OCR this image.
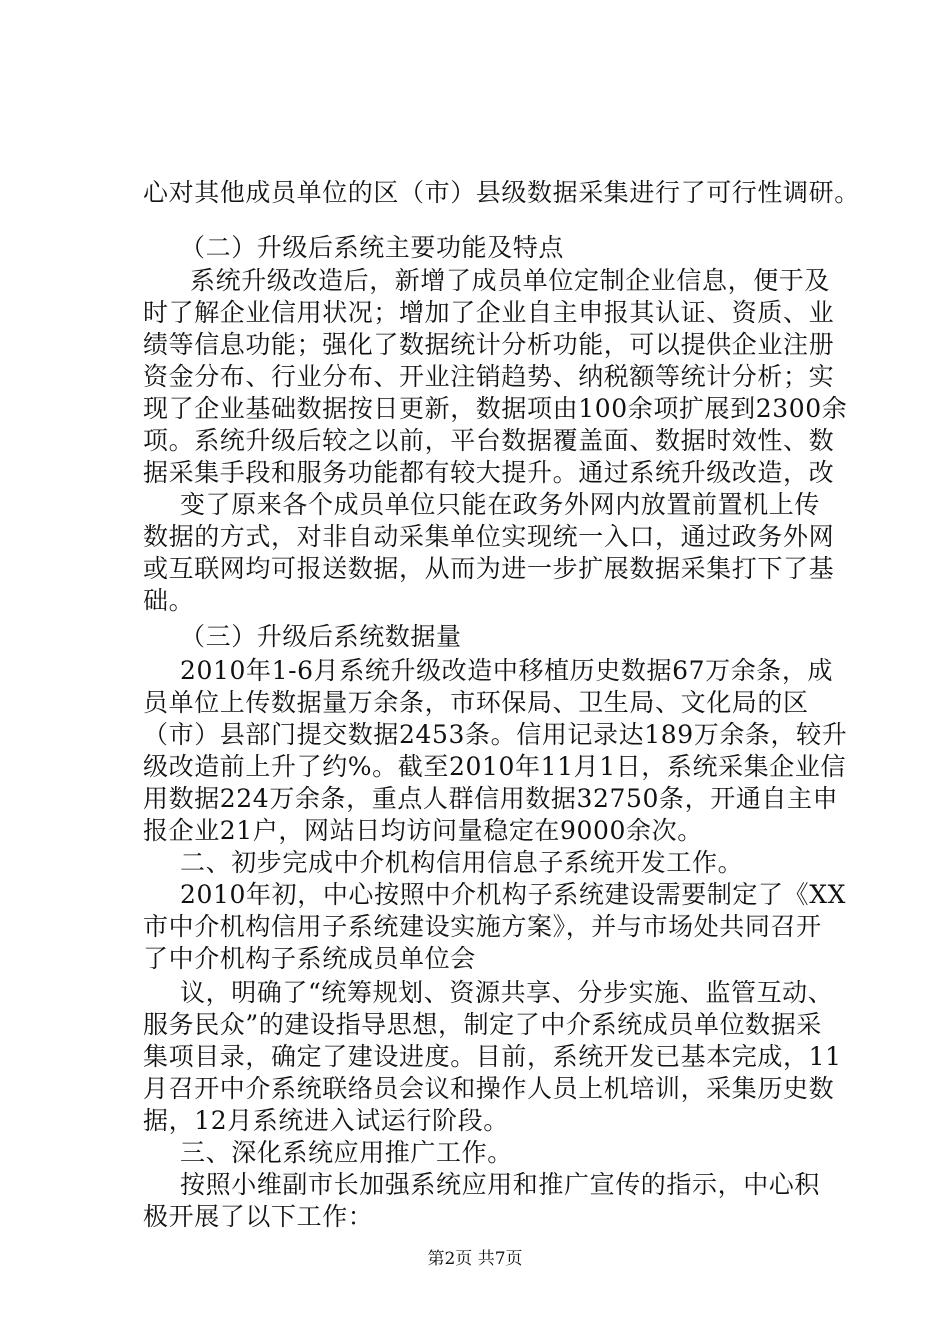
心对其他成员单位的区（市）县级数据采集进行了可行性调研。
（二）升级后系统主要功能及特点
系统升级改造后，新增了成员单位定制企业信息，便于及
时了解企业信用状况；增加了企业自主申报其认证、资质、业
绩等信息功能；强化了数据统计分析功能，可以提供企业注册
资金分布、行业分布、开业注销趋势、纳税额等统计分析；实
现了企业基础数据按日更新，数据项由100余项扩展到2300余
项。系统升级后较之以前，平台数据覆盖面、数据时效性、数
据采集手段和服务功能都有较大提升。通过系统升级改造，改
变了原来各个成员单位只能在政务外网内放置前置机上传
数据的方式，对非自动采集单位实现统一入口，通过政务外网
或互联网均可报送数据，从而为进一步扩展数据采集打下了基
础。
（三）升级后系统数据量
2010年1-6月系统升级改造中移植历史数据67万余条，成
员单位上传数据量万余条，市环保局、卫生局、文化局的区
（市）县部门提交数据2453条。信用记录达189万余条，较升
级改造前上升了约%。截至2010年11月1日，系统采集企业信
用数据224万余条，重点人群信用数据32750条，开通自主申
报企业21户，网站日均访问量稳定在9000余次。
二、初步完成中介机构信用信息子系统开发工作。
2010年初，中心按照中介机构子系统建设需要制定了《XX
市中介机构信用子系统建设实施方案》，并与市场处共同召开
了中介机构子系统成员单位会
议，明确了“统筹规划、资源共享、分步实施、监管互动、
服务民众”的建设指导思想，制定了中介系统成员单位数据采
集项目录，确定了建设进度。目前，系统开发已基本完成，11
月召开中介系统联络员会议和操作人员上机培训，采集历史数
据，12月系统进入试运行阶段。
三、深化系统应用推广工作。
按照小维副市长加强系统应用和推广宣传的指示，中心积
极开展了以下工作：
第2页 共7页
